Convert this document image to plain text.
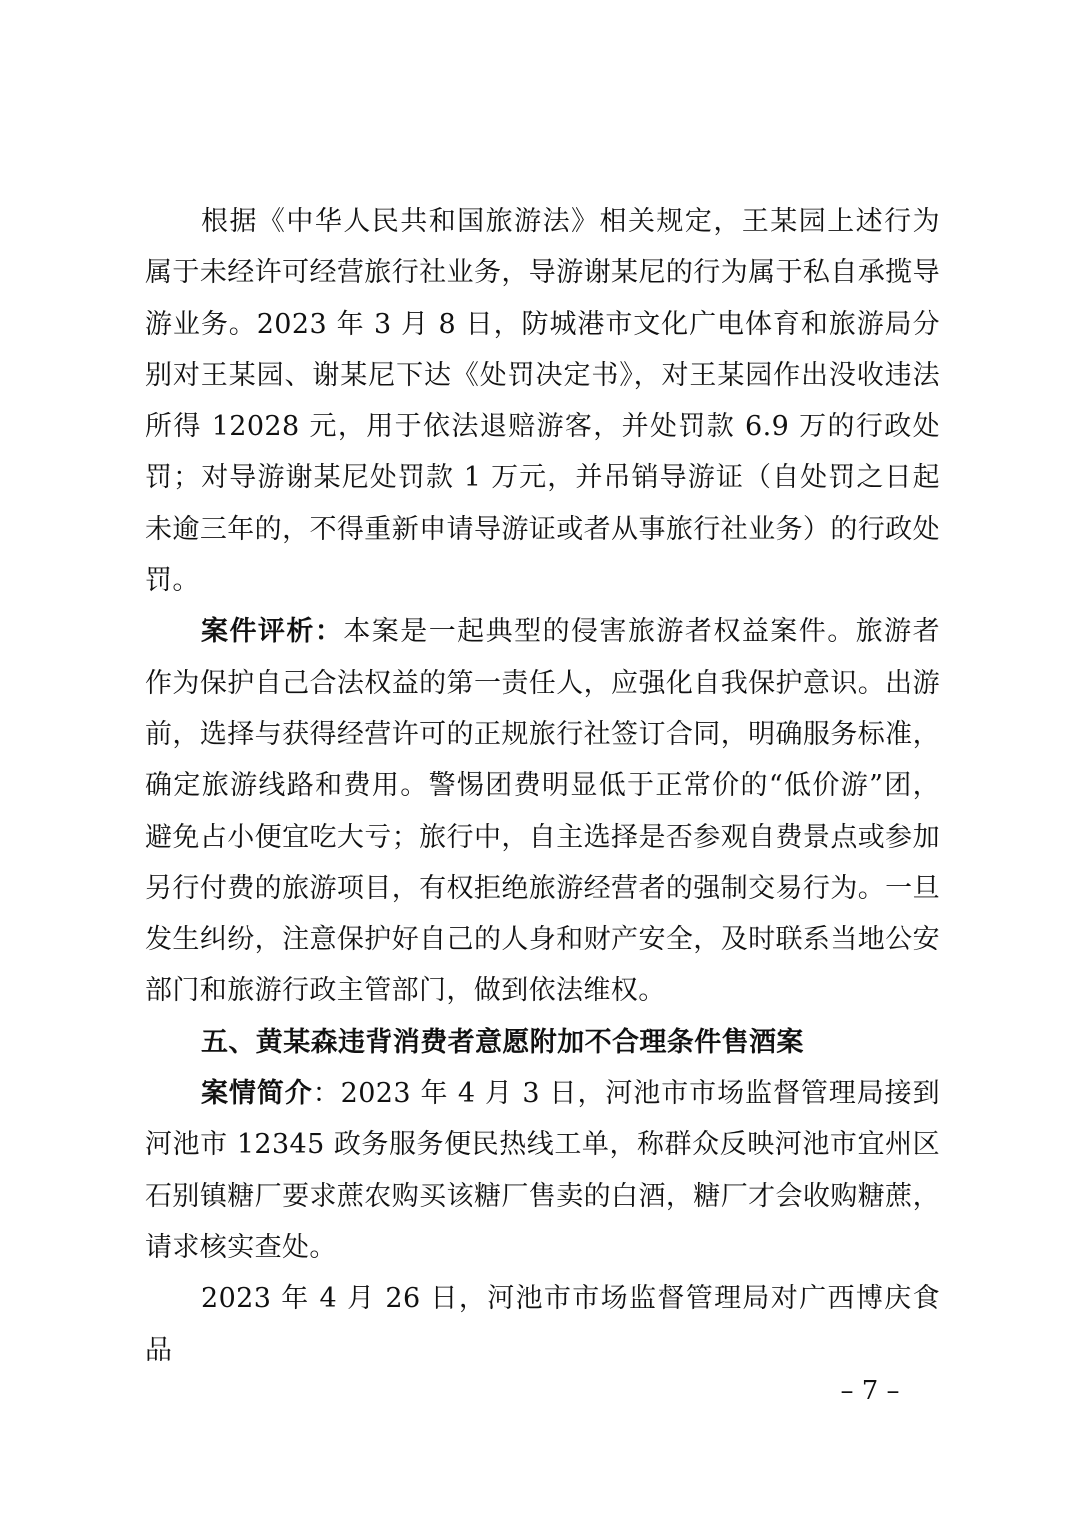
根据《中华人民共和国旅游法》相关规定，王某园上述行为属于未经许可经营旅行社业务，导游谢某尼的行为属于私自承揽导游业务。2023 年 3 月 8 日，防城港市文化广电体育和旅游局分别对王某园、谢某尼下达《处罚决定书》，对王某园作出没收违法所得 12028 元，用于依法退赔游客，并处罚款 6.9 万的行政处罚；对导游谢某尼处罚款 1 万元，并吊销导游证（自处罚之日起未逾三年的，不得重新申请导游证或者从事旅行社业务）的行政处罚。

案件评析：本案是一起典型的侵害旅游者权益案件。旅游者作为保护自己合法权益的第一责任人，应强化自我保护意识。出游前，选择与获得经营许可的正规旅行社签订合同，明确服务标准，确定旅游线路和费用。警惕团费明显低于正常价的“低价游”团，避免占小便宜吃大亏；旅行中，自主选择是否参观自费景点或参加另行付费的旅游项目，有权拒绝旅游经营者的强制交易行为。一旦发生纠纷，注意保护好自己的人身和财产安全，及时联系当地公安部门和旅游行政主管部门，做到依法维权。

五、黄某森违背消费者意愿附加不合理条件售酒案

案情简介：2023 年 4 月 3 日，河池市市场监督管理局接到河池市 12345 政务服务便民热线工单，称群众反映河池市宜州区石别镇糖厂要求蔗农购买该糖厂售卖的白酒，糖厂才会收购糖蔗，请求核实查处。

2023 年 4 月 26 日，河池市市场监督管理局对广西博庆食品

– 7 –
